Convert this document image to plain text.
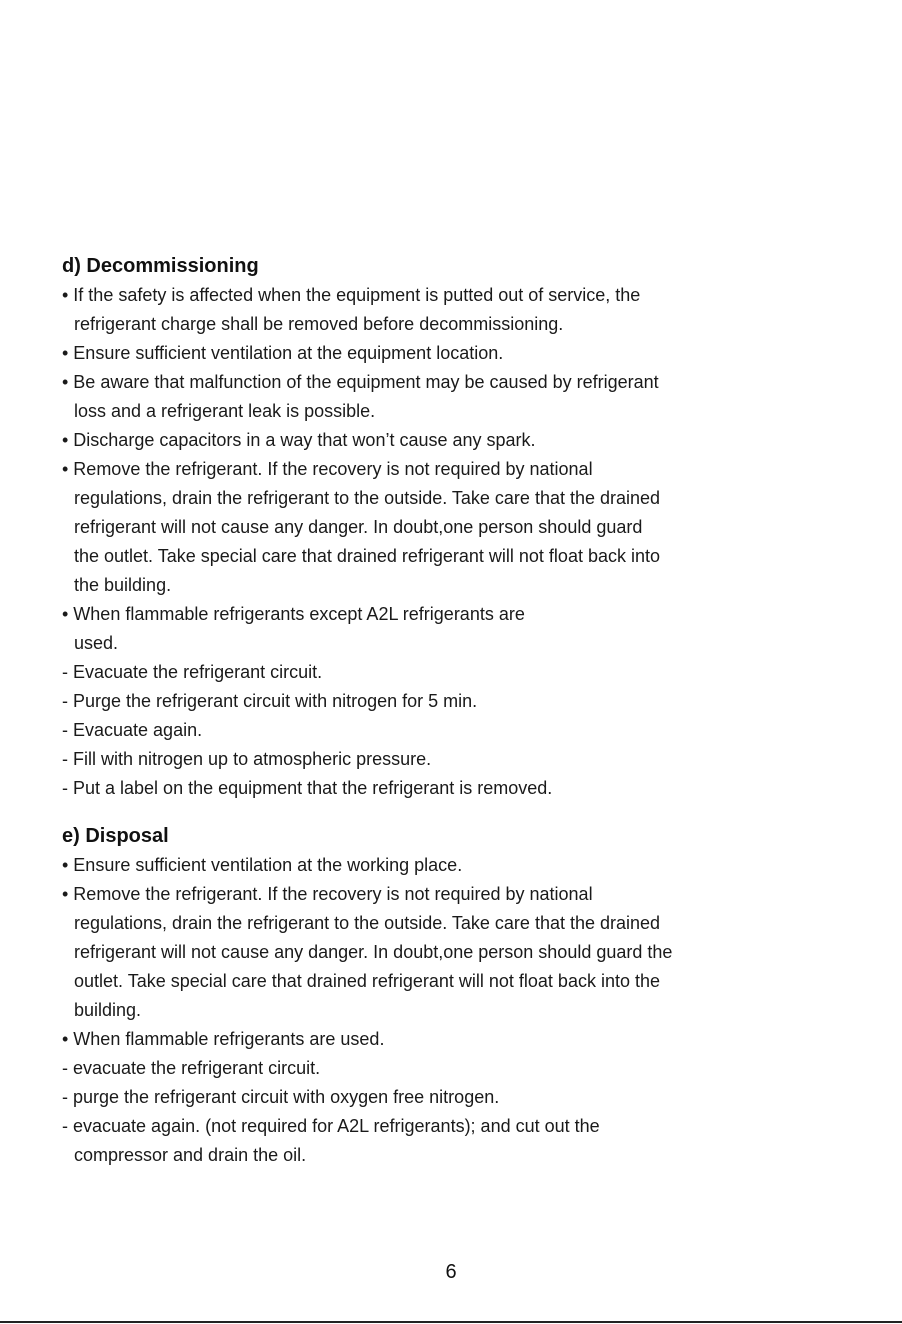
d) Decommissioning
• If the safety is affected when the equipment is putted out of service, the
refrigerant charge shall be removed before decommissioning.
• Ensure sufficient ventilation at the equipment location.
• Be aware that malfunction of the equipment may be caused by refrigerant
loss and a refrigerant leak is possible.
• Discharge capacitors in a way that won’t cause any spark.
• Remove the refrigerant. If the recovery is not required by national
regulations, drain the refrigerant to the outside. Take care that the drained
refrigerant will not cause any danger. In doubt,one person should guard
the outlet. Take special care that drained refrigerant will not float back into
the building.
• When flammable refrigerants except A2L refrigerants are
used.
- Evacuate the refrigerant circuit.
- Purge the refrigerant circuit with nitrogen for 5 min.
- Evacuate again.
- Fill with nitrogen up to atmospheric pressure.
- Put a label on the equipment that the refrigerant is removed.
e) Disposal
• Ensure sufficient ventilation at the working place.
• Remove the refrigerant. If the recovery is not required by national
regulations, drain the refrigerant to the outside. Take care that the drained
refrigerant will not cause any danger. In doubt,one person should guard the
outlet. Take special care that drained refrigerant will not float back into the
building.
• When flammable refrigerants are used.
- evacuate the refrigerant circuit.
- purge the refrigerant circuit with oxygen free nitrogen.
- evacuate again. (not required for A2L refrigerants); and cut out the
compressor and drain the oil.
6
